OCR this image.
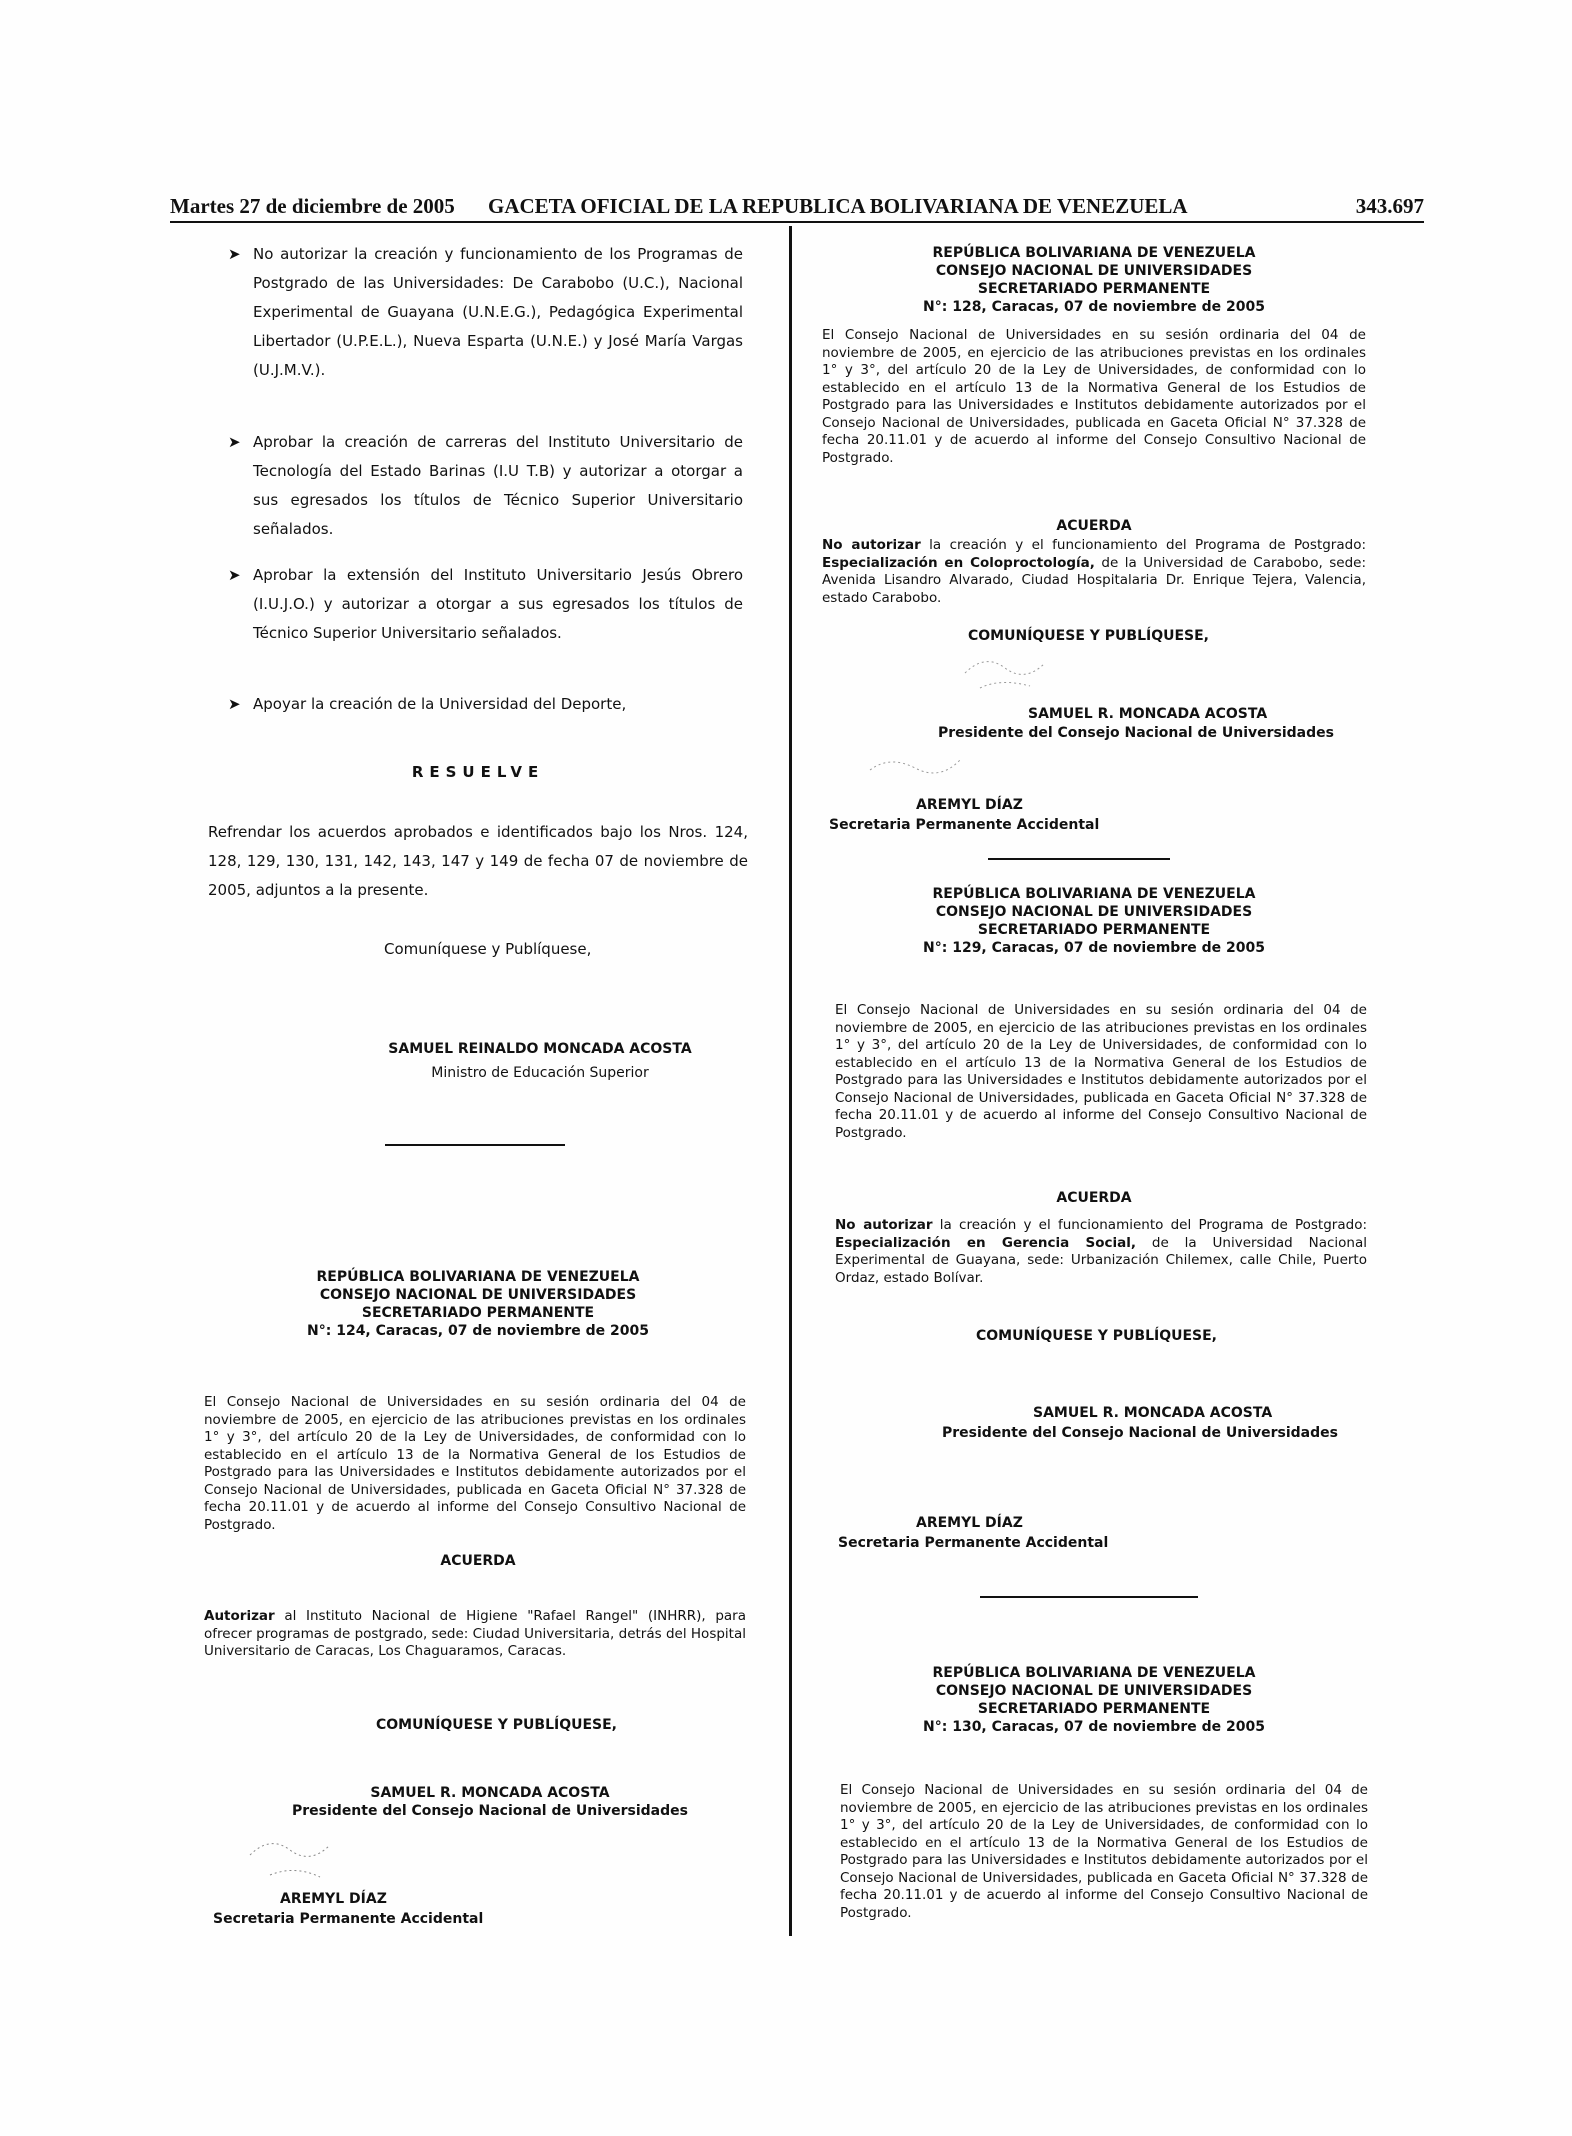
Martes 27 de diciembre de 2005 GACETA OFICIAL DE LA REPUBLICA BOLIVARIANA DE VENEZUELA	343.697
➤ No autorizar la creación y funcionamiento de los Programas de Postgrado de las Universidades: De Carabobo (U.C.), Nacional Experimental de Guayana (U.N.E.G.), Pedagógica Experimental Libertador (U.P.E.L.), Nueva Esparta (U.N.E.) y José María Vargas (U.J.M.V.).
➤ Aprobar la creación de carreras del Instituto Universitario de Tecnología del Estado Barinas (I.U T.B) y autorizar a otorgar a sus egresados los títulos de Técnico Superior Universitario señalados.
➤ Aprobar la extensión del Instituto Universitario Jesús Obrero (I.U.J.O.) y autorizar a otorgar a sus egresados los títulos de Técnico Superior Universitario señalados.
➤ Apoyar la creación de la Universidad del Deporte,
RESUELVE
Refrendar los acuerdos aprobados e identificados bajo los Nros. 124, 128, 129, 130, 131, 142, 143, 147 y 149 de fecha 07 de noviembre de 2005, adjuntos a la presente.
Comuníquese y Publíquese,
SAMUEL REINALDO MONCADA ACOSTA
Ministro de Educación Superior
REPÚBLICA BOLIVARIANA DE VENEZUELA
CONSEJO NACIONAL DE UNIVERSIDADES
SECRETARIADO PERMANENTE
N°: 124, Caracas, 07 de noviembre de 2005
El Consejo Nacional de Universidades en su sesión ordinaria del 04 de noviembre de 2005, en ejercicio de las atribuciones previstas en los ordinales 1° y 3°, del artículo 20 de la Ley de Universidades, de conformidad con lo establecido en el artículo 13 de la Normativa General de los Estudios de Postgrado para las Universidades e Institutos debidamente autorizados por el Consejo Nacional de Universidades, publicada en Gaceta Oficial N° 37.328 de fecha 20.11.01 y de acuerdo al informe del Consejo Consultivo Nacional de Postgrado.
ACUERDA
Autorizar al Instituto Nacional de Higiene "Rafael Rangel" (INHRR), para ofrecer programas de postgrado, sede: Ciudad Universitaria, detrás del Hospital Universitario de Caracas, Los Chaguaramos, Caracas.
COMUNÍQUESE Y PUBLÍQUESE,
SAMUEL R. MONCADA ACOSTA
Presidente del Consejo Nacional de Universidades
AREMYL DÍAZ
Secretaria Permanente Accidental
REPÚBLICA BOLIVARIANA DE VENEZUELA
CONSEJO NACIONAL DE UNIVERSIDADES
SECRETARIADO PERMANENTE
N°: 128, Caracas, 07 de noviembre de 2005
El Consejo Nacional de Universidades en su sesión ordinaria del 04 de noviembre de 2005, en ejercicio de las atribuciones previstas en los ordinales 1° y 3°, del artículo 20 de la Ley de Universidades, de conformidad con lo establecido en el artículo 13 de la Normativa General de los Estudios de Postgrado para las Universidades e Institutos debidamente autorizados por el Consejo Nacional de Universidades, publicada en Gaceta Oficial N° 37.328 de fecha 20.11.01 y de acuerdo al informe del Consejo Consultivo Nacional de Postgrado.
ACUERDA
No autorizar la creación y el funcionamiento del Programa de Postgrado: Especialización en Coloproctología, de la Universidad de Carabobo, sede: Avenida Lisandro Alvarado, Ciudad Hospitalaria Dr. Enrique Tejera, Valencia, estado Carabobo.
COMUNÍQUESE Y PUBLÍQUESE,
SAMUEL R. MONCADA ACOSTA
Presidente del Consejo Nacional de Universidades
AREMYL DÍAZ
Secretaria Permanente Accidental
REPÚBLICA BOLIVARIANA DE VENEZUELA
CONSEJO NACIONAL DE UNIVERSIDADES
SECRETARIADO PERMANENTE
N°: 129, Caracas, 07 de noviembre de 2005
El Consejo Nacional de Universidades en su sesión ordinaria del 04 de noviembre de 2005, en ejercicio de las atribuciones previstas en los ordinales 1° y 3°, del artículo 20 de la Ley de Universidades, de conformidad con lo establecido en el artículo 13 de la Normativa General de los Estudios de Postgrado para las Universidades e Institutos debidamente autorizados por el Consejo Nacional de Universidades, publicada en Gaceta Oficial N° 37.328 de fecha 20.11.01 y de acuerdo al informe del Consejo Consultivo Nacional de Postgrado.
ACUERDA
No autorizar la creación y el funcionamiento del Programa de Postgrado: Especialización en Gerencia Social, de la Universidad Nacional Experimental de Guayana, sede: Urbanización Chilemex, calle Chile, Puerto Ordaz, estado Bolívar.
COMUNÍQUESE Y PUBLÍQUESE,
SAMUEL R. MONCADA ACOSTA
Presidente del Consejo Nacional de Universidades
AREMYL DÍAZ
Secretaria Permanente Accidental
REPÚBLICA BOLIVARIANA DE VENEZUELA
CONSEJO NACIONAL DE UNIVERSIDADES
SECRETARIADO PERMANENTE
N°: 130, Caracas, 07 de noviembre de 2005
El Consejo Nacional de Universidades en su sesión ordinaria del 04 de noviembre de 2005, en ejercicio de las atribuciones previstas en los ordinales 1° y 3°, del artículo 20 de la Ley de Universidades, de conformidad con lo establecido en el artículo 13 de la Normativa General de los Estudios de Postgrado para las Universidades e Institutos debidamente autorizados por el Consejo Nacional de Universidades, publicada en Gaceta Oficial N° 37.328 de fecha 20.11.01 y de acuerdo al informe del Consejo Consultivo Nacional de Postgrado.
